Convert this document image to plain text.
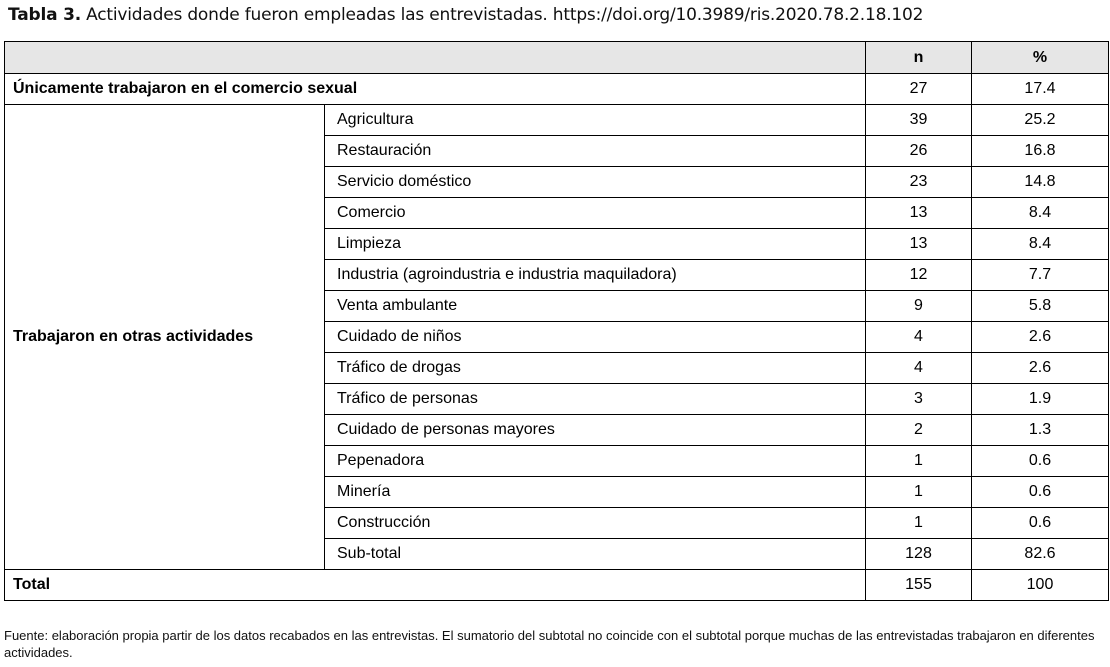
Tabla 3. Actividades donde fueron empleadas las entrevistadas. https://doi.org/10.3989/ris.2020.78.2.18.102
		n	%
Únicamente trabajaron en el comercio sexual		27	17.4
Trabajaron en otras actividades	Agricultura	39	25.2
	Restauración	26	16.8
	Servicio doméstico	23	14.8
	Comercio	13	8.4
	Limpieza	13	8.4
	Industria (agroindustria e industria maquiladora)	12	7.7
	Venta ambulante	9	5.8
	Cuidado de niños	4	2.6
	Tráfico de drogas	4	2.6
	Tráfico de personas	3	1.9
	Cuidado de personas mayores	2	1.3
	Pepenadora	1	0.6
	Minería	1	0.6
	Construcción	1	0.6
	Sub-total	128	82.6
Total		155	100
Fuente: elaboración propia partir de los datos recabados en las entrevistas. El sumatorio del subtotal no coincide con el subtotal porque muchas de las entrevistadas trabajaron en diferentes actividades.
